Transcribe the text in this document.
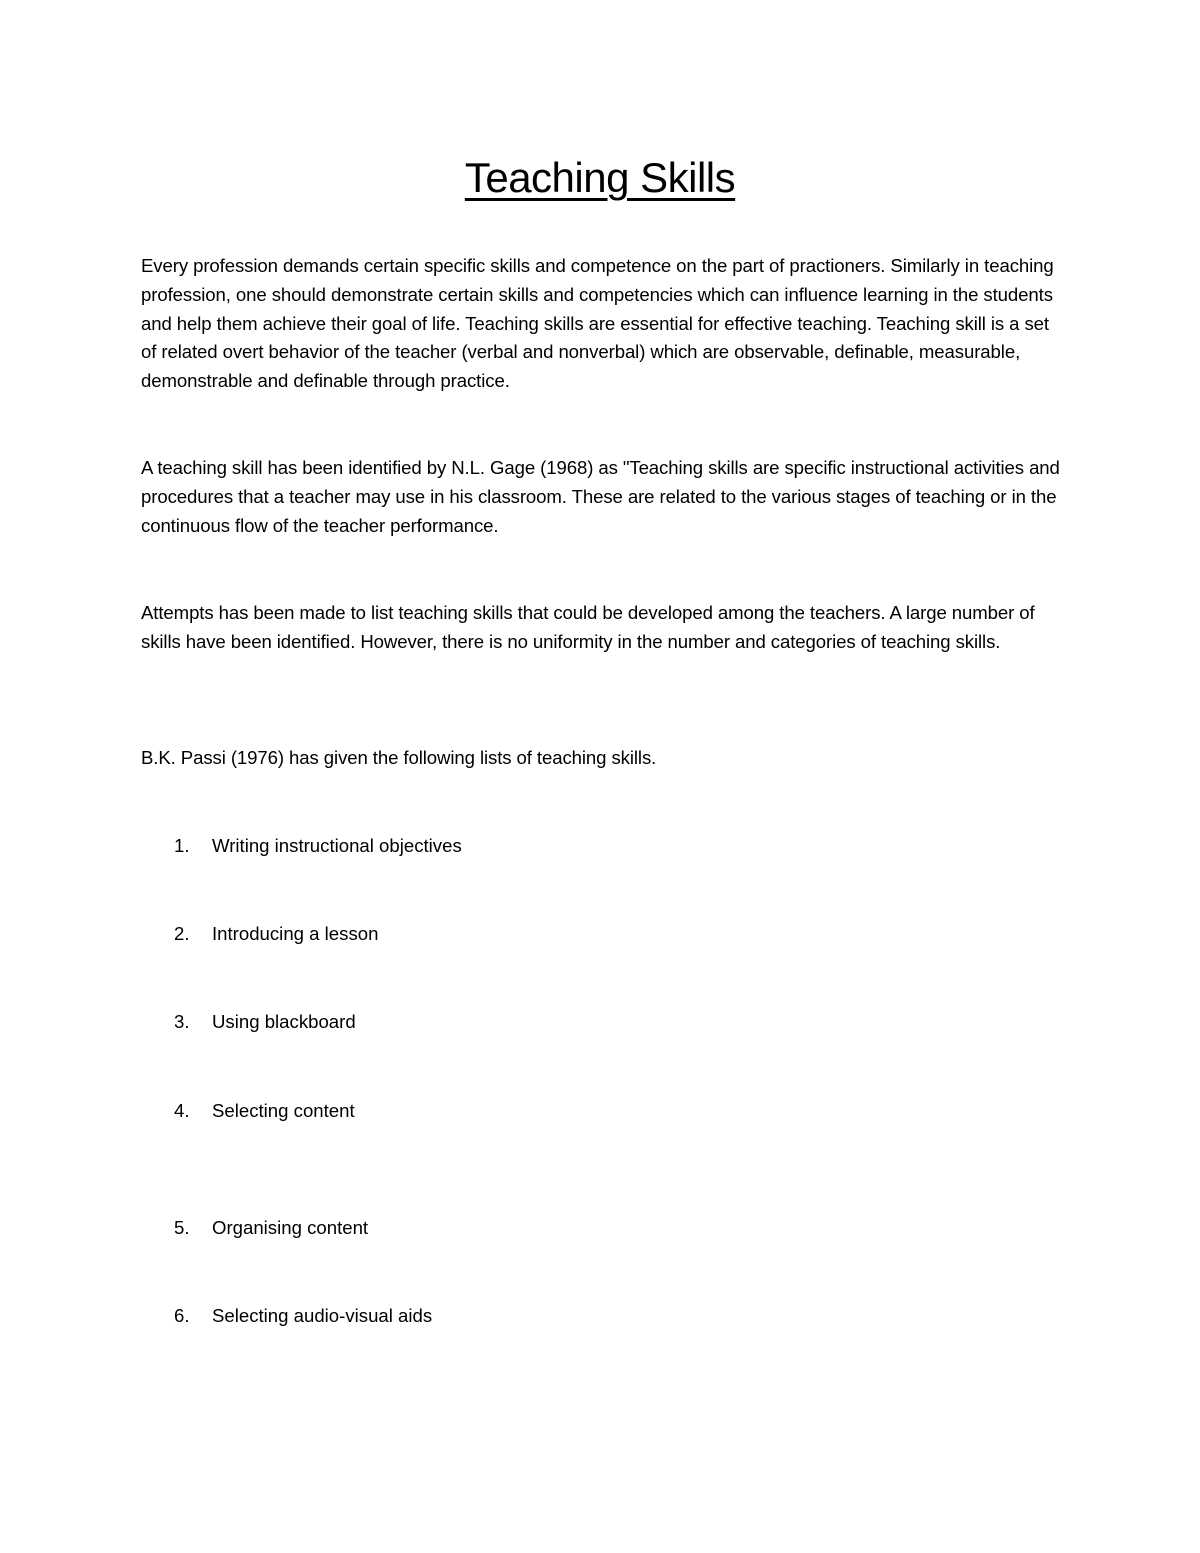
Teaching Skills

Every profession demands certain specific skills and competence on the part of practioners. Similarly in teaching profession, one should demonstrate certain skills and competencies which can influence learning in the students and help them achieve their goal of life. Teaching skills are essential for effective teaching. Teaching skill is a set of related overt behavior of the teacher (verbal and nonverbal) which are observable, definable, measurable, demonstrable and definable through practice.

A teaching skill has been identified by N.L. Gage (1968) as "Teaching skills are specific instructional activities and procedures that a teacher may use in his classroom. These are related to the various stages of teaching or in the continuous flow of the teacher performance.

Attempts has been made to list teaching skills that could be developed among the teachers. A large number of skills have been identified. However, there is no uniformity in the number and categories of teaching skills.

B.K. Passi (1976) has given the following lists of teaching skills.

1. Writing instructional objectives
2. Introducing a lesson
3. Using blackboard
4. Selecting content
5. Organising content
6. Selecting audio-visual aids
